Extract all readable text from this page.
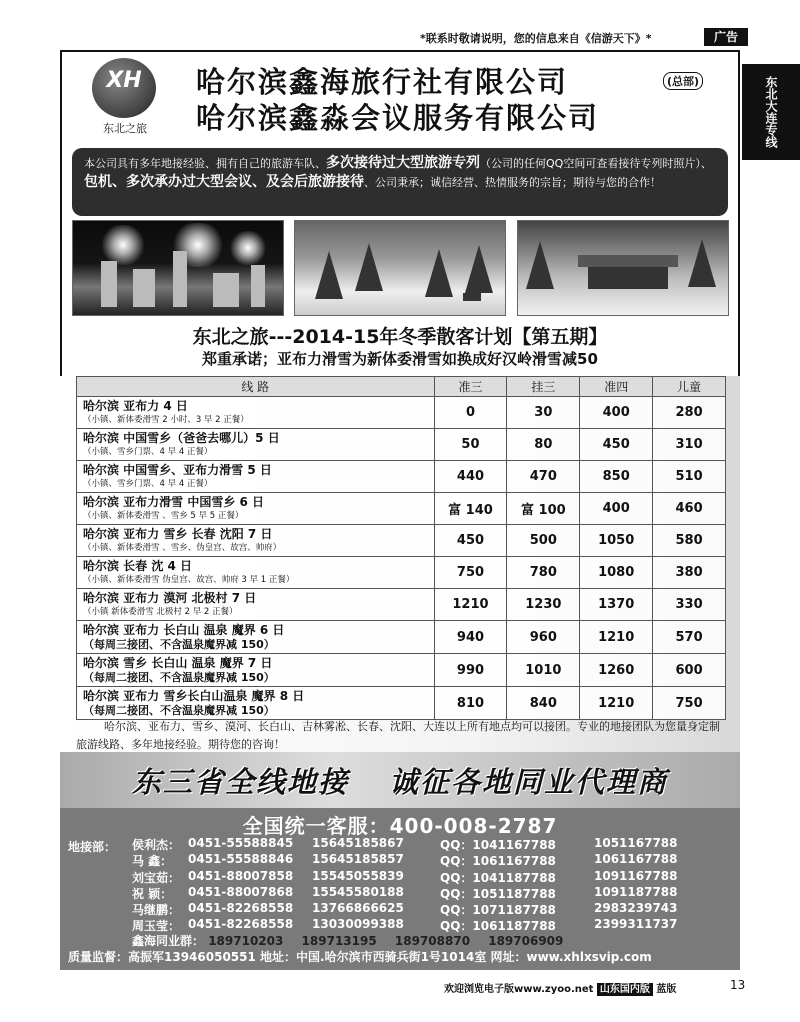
*联系时敬请说明，您的信息来自《信游天下》*	广告
东北大连专线
XH
东北之旅
哈尔滨鑫海旅行社有限公司	(总部)
哈尔滨鑫淼会议服务有限公司
本公司具有多年地接经验、拥有自己的旅游车队、多次接待过大型旅游专列（公司的任何QQ空间可查看接待专列时照片）、包机、多次承办过大型会议、及会后旅游接待、公司秉承；诚信经营、热情服务的宗旨；期待与您的合作！
东北之旅---2014-15年冬季散客计划【第五期】
郑重承诺；亚布力滑雪为新体委滑雪如换成好汉岭滑雪减50
线 路	准三	挂三	准四	儿童

哈尔滨 亚布力 4 日
（小镇、新体委滑雪 2 小时、3 早 2 正餐）	0	30	400	280

哈尔滨 中国雪乡（爸爸去哪儿）5 日
（小镇、雪乡门票、4 早 4 正餐）	50	80	450	310

哈尔滨 中国雪乡、亚布力滑雪 5 日
（小镇、雪乡门票、4 早 4 正餐）	440	470	850	510

哈尔滨 亚布力滑雪 中国雪乡 6 日
（小镇、新体委滑雪 、雪乡 5 早 5 正餐）	富 140	富 100	400	460

哈尔滨 亚布力 雪乡 长春 沈阳 7 日
（小镇、新体委滑雪 、雪乡、伪皇宫、故宫、帅府）	450	500	1050	580

哈尔滨 长春 沈 4 日
（小镇、新体委滑雪 伪皇宫、故宫、帅府 3 早 1 正餐）	750	780	1080	380

哈尔滨 亚布力 漠河 北极村 7 日
（小镇 新体委滑雪 北极村 2 早 2 正餐）	1210	1230	1370	330

哈尔滨 亚布力 长白山 温泉 魔界 6 日
（每周三接团、不含温泉魔界减 150）	940	960	1210	570

哈尔滨 雪乡 长白山 温泉 魔界 7 日
（每周二接团、不含温泉魔界减 150）	990	1010	1260	600

哈尔滨 亚布力 雪乡长白山温泉 魔界 8 日
（每周二接团、不含温泉魔界减 150）	810	840	1210	750
哈尔滨、亚布力、雪乡、漠河、长白山、吉林雾凇、长春、沈阳、大连以上所有地点均可以接团。专业的地接团队为您量身定制旅游线路、多年地接经验。期待您的咨询！
东三省全线地接 诚征各地同业代理商
全国统一客服：400-008-2787
地接部： 侯利杰： 0451-55588845	15645185867	QQ：1041167788	1051167788
马 鑫：	0451-55588846	15645185857	QQ：1061167788	1061167788
刘宝茹： 0451-88007858	15545055839	QQ：1041187788	1091167788
祝 颖：	0451-88007868	15545580188	QQ：1051187788	1091187788
马继鹏： 0451-82268558	13766866625	QQ：1071187788	2983239743
周玉莹： 0451-82268558	13030099388	QQ：1061187788	2399311737
鑫海同业群： 189710203 189713195 189708870 189706909
质量监督：高振军13946050551 地址：中国.哈尔滨市西骑兵街1号1014室 网址：www.xhlxsvip.com
欢迎浏览电子版www.zyoo.net 山东国内版 蓝版	13
